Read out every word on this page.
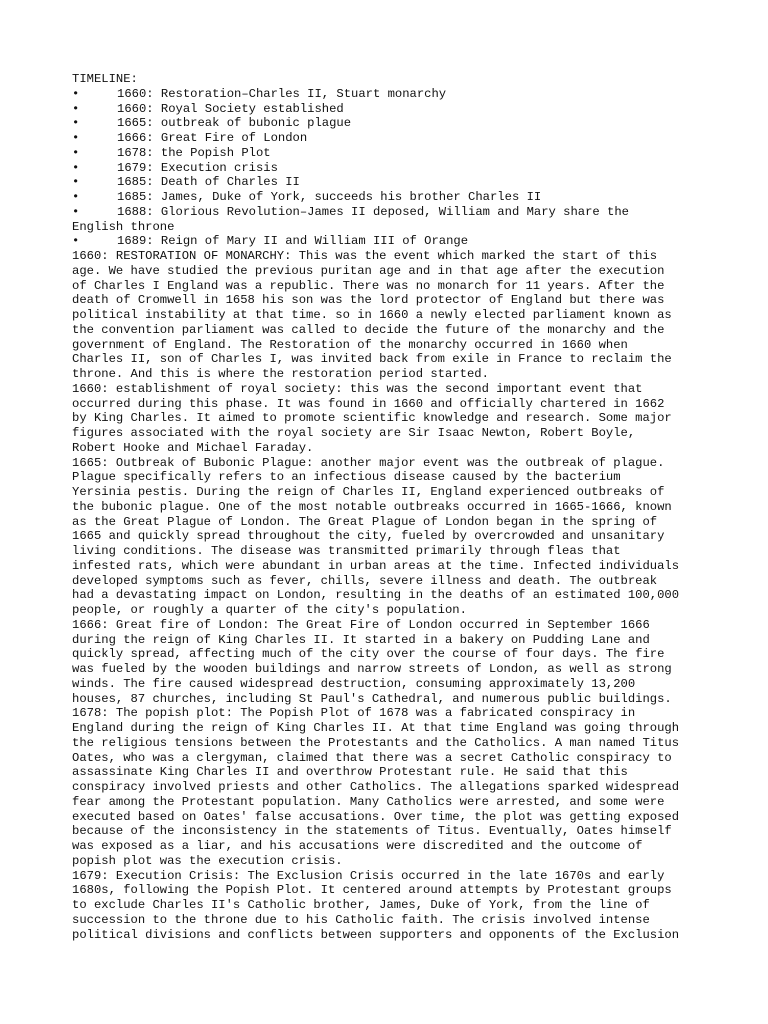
TIMELINE:
•	1660: Restoration–Charles II, Stuart monarchy
•	1660: Royal Society established
•	1665: outbreak of bubonic plague
•	1666: Great Fire of London
•	1678: the Popish Plot
•	1679: Execution crisis
•	1685: Death of Charles II
•	1685: James, Duke of York, succeeds his brother Charles II
•	1688: Glorious Revolution–James II deposed, William and Mary share the
English throne
•	1689: Reign of Mary II and William III of Orange
1660: RESTORATION OF MONARCHY: This was the event which marked the start of this
age. We have studied the previous puritan age and in that age after the execution
of Charles I England was a republic. There was no monarch for 11 years. After the
death of Cromwell in 1658 his son was the lord protector of England but there was
political instability at that time. so in 1660 a newly elected parliament known as
the convention parliament was called to decide the future of the monarchy and the
government of England. The Restoration of the monarchy occurred in 1660 when
Charles II, son of Charles I, was invited back from exile in France to reclaim the
throne. And this is where the restoration period started.
1660: establishment of royal society: this was the second important event that
occurred during this phase. It was found in 1660 and officially chartered in 1662
by King Charles. It aimed to promote scientific knowledge and research. Some major
figures associated with the royal society are Sir Isaac Newton, Robert Boyle,
Robert Hooke and Michael Faraday.
1665: Outbreak of Bubonic Plague: another major event was the outbreak of plague.
Plague specifically refers to an infectious disease caused by the bacterium
Yersinia pestis. During the reign of Charles II, England experienced outbreaks of
the bubonic plague. One of the most notable outbreaks occurred in 1665-1666, known
as the Great Plague of London. The Great Plague of London began in the spring of
1665 and quickly spread throughout the city, fueled by overcrowded and unsanitary
living conditions. The disease was transmitted primarily through fleas that
infested rats, which were abundant in urban areas at the time. Infected individuals
developed symptoms such as fever, chills, severe illness and death. The outbreak
had a devastating impact on London, resulting in the deaths of an estimated 100,000
people, or roughly a quarter of the city's population.
1666: Great fire of London: The Great Fire of London occurred in September 1666
during the reign of King Charles II. It started in a bakery on Pudding Lane and
quickly spread, affecting much of the city over the course of four days. The fire
was fueled by the wooden buildings and narrow streets of London, as well as strong
winds. The fire caused widespread destruction, consuming approximately 13,200
houses, 87 churches, including St Paul's Cathedral, and numerous public buildings.
1678: The popish plot: The Popish Plot of 1678 was a fabricated conspiracy in
England during the reign of King Charles II. At that time England was going through
the religious tensions between the Protestants and the Catholics. A man named Titus
Oates, who was a clergyman, claimed that there was a secret Catholic conspiracy to
assassinate King Charles II and overthrow Protestant rule. He said that this
conspiracy involved priests and other Catholics. The allegations sparked widespread
fear among the Protestant population. Many Catholics were arrested, and some were
executed based on Oates' false accusations. Over time, the plot was getting exposed
because of the inconsistency in the statements of Titus. Eventually, Oates himself
was exposed as a liar, and his accusations were discredited and the outcome of
popish plot was the execution crisis.
1679: Execution Crisis: The Exclusion Crisis occurred in the late 1670s and early
1680s, following the Popish Plot. It centered around attempts by Protestant groups
to exclude Charles II's Catholic brother, James, Duke of York, from the line of
succession to the throne due to his Catholic faith. The crisis involved intense
political divisions and conflicts between supporters and opponents of the Exclusion
